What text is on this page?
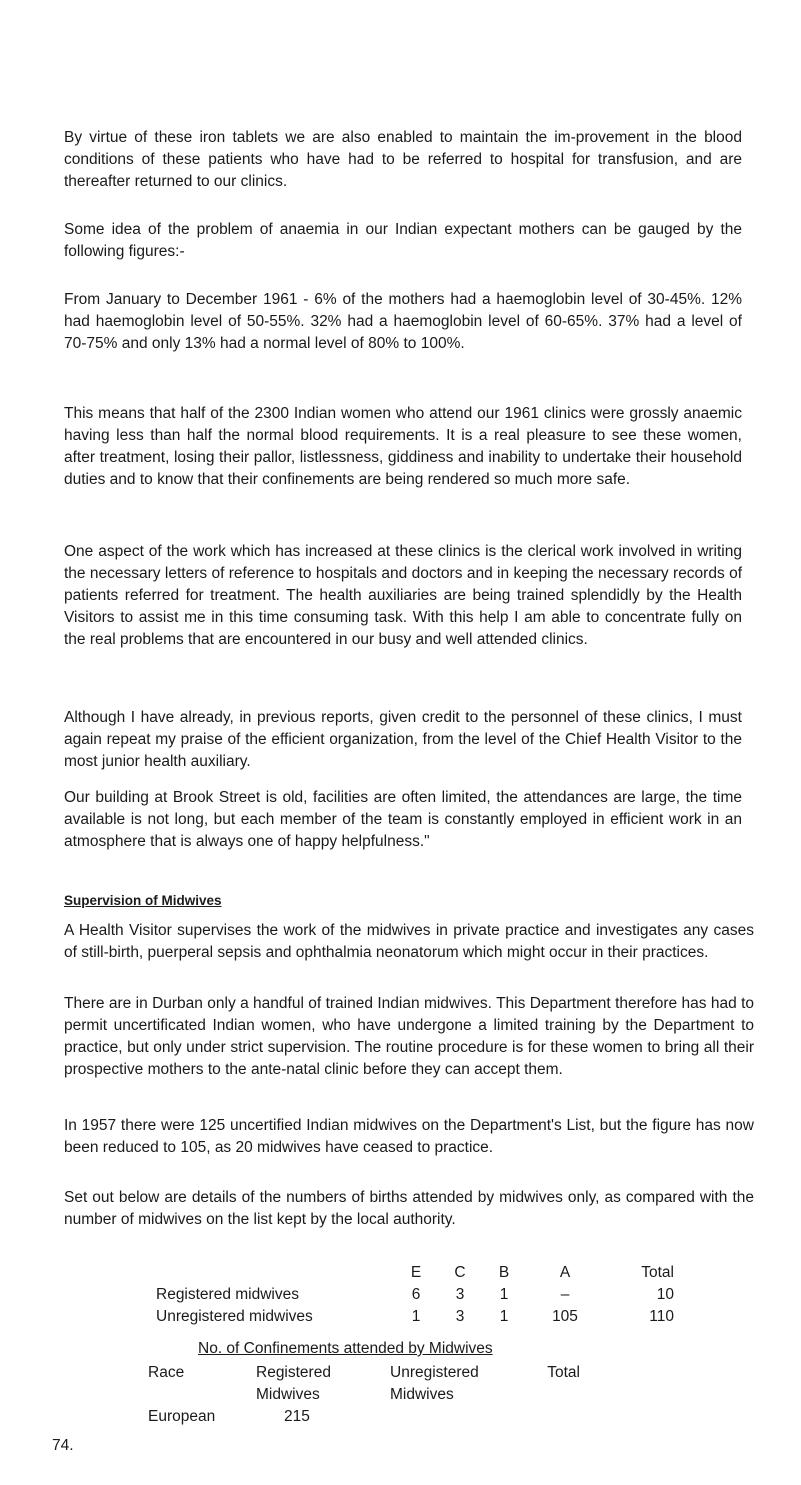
By virtue of these iron tablets we are also enabled to maintain the im-provement in the blood conditions of these patients who have had to be referred to hospital for transfusion, and are thereafter returned to our clinics.

Some idea of the problem of anaemia in our Indian expectant mothers can be gauged by the following figures:-

From January to December 1961 - 6% of the mothers had a haemoglobin level of 30-45%. 12% had haemoglobin level of 50-55%. 32% had a haemoglobin level of 60-65%. 37% had a level of 70-75% and only 13% had a normal level of 80% to 100%.

This means that half of the 2300 Indian women who attend our 1961 clinics were grossly anaemic having less than half the normal blood requirements. It is a real pleasure to see these women, after treatment, losing their pallor, listlessness, giddiness and inability to undertake their household duties and to know that their confinements are being rendered so much more safe.

One aspect of the work which has increased at these clinics is the clerical work involved in writing the necessary letters of reference to hospitals and doctors and in keeping the necessary records of patients referred for treatment. The health auxiliaries are being trained splendidly by the Health Visitors to assist me in this time consuming task. With this help I am able to concentrate fully on the real problems that are encountered in our busy and well attended clinics.

Although I have already, in previous reports, given credit to the personnel of these clinics, I must again repeat my praise of the efficient organization, from the level of the Chief Health Visitor to the most junior health auxiliary.

Our building at Brook Street is old, facilities are often limited, the attendances are large, the time available is not long, but each member of the team is constantly employed in efficient work in an atmosphere that is always one of happy helpfulness."

Supervision of Midwives

A Health Visitor supervises the work of the midwives in private practice and investigates any cases of still-birth, puerperal sepsis and ophthalmia neonatorum which might occur in their practices.

There are in Durban only a handful of trained Indian midwives. This Department therefore has had to permit uncertificated Indian women, who have undergone a limited training by the Department to practice, but only under strict supervision. The routine procedure is for these women to bring all their prospective mothers to the ante-natal clinic before they can accept them.

In 1957 there were 125 uncertified Indian midwives on the Department's List, but the figure has now been reduced to 105, as 20 midwives have ceased to practice.

Set out below are details of the numbers of births attended by midwives only, as compared with the number of midwives on the list kept by the local authority.

	E	C	B	A	Total
Registered midwives	6	3	1	–	10
Unregistered midwives	1	3	1	105	110

No. of Confinements attended by Midwives

Race	Registered Midwives	Unregistered Midwives	Total
European	215		

74.
